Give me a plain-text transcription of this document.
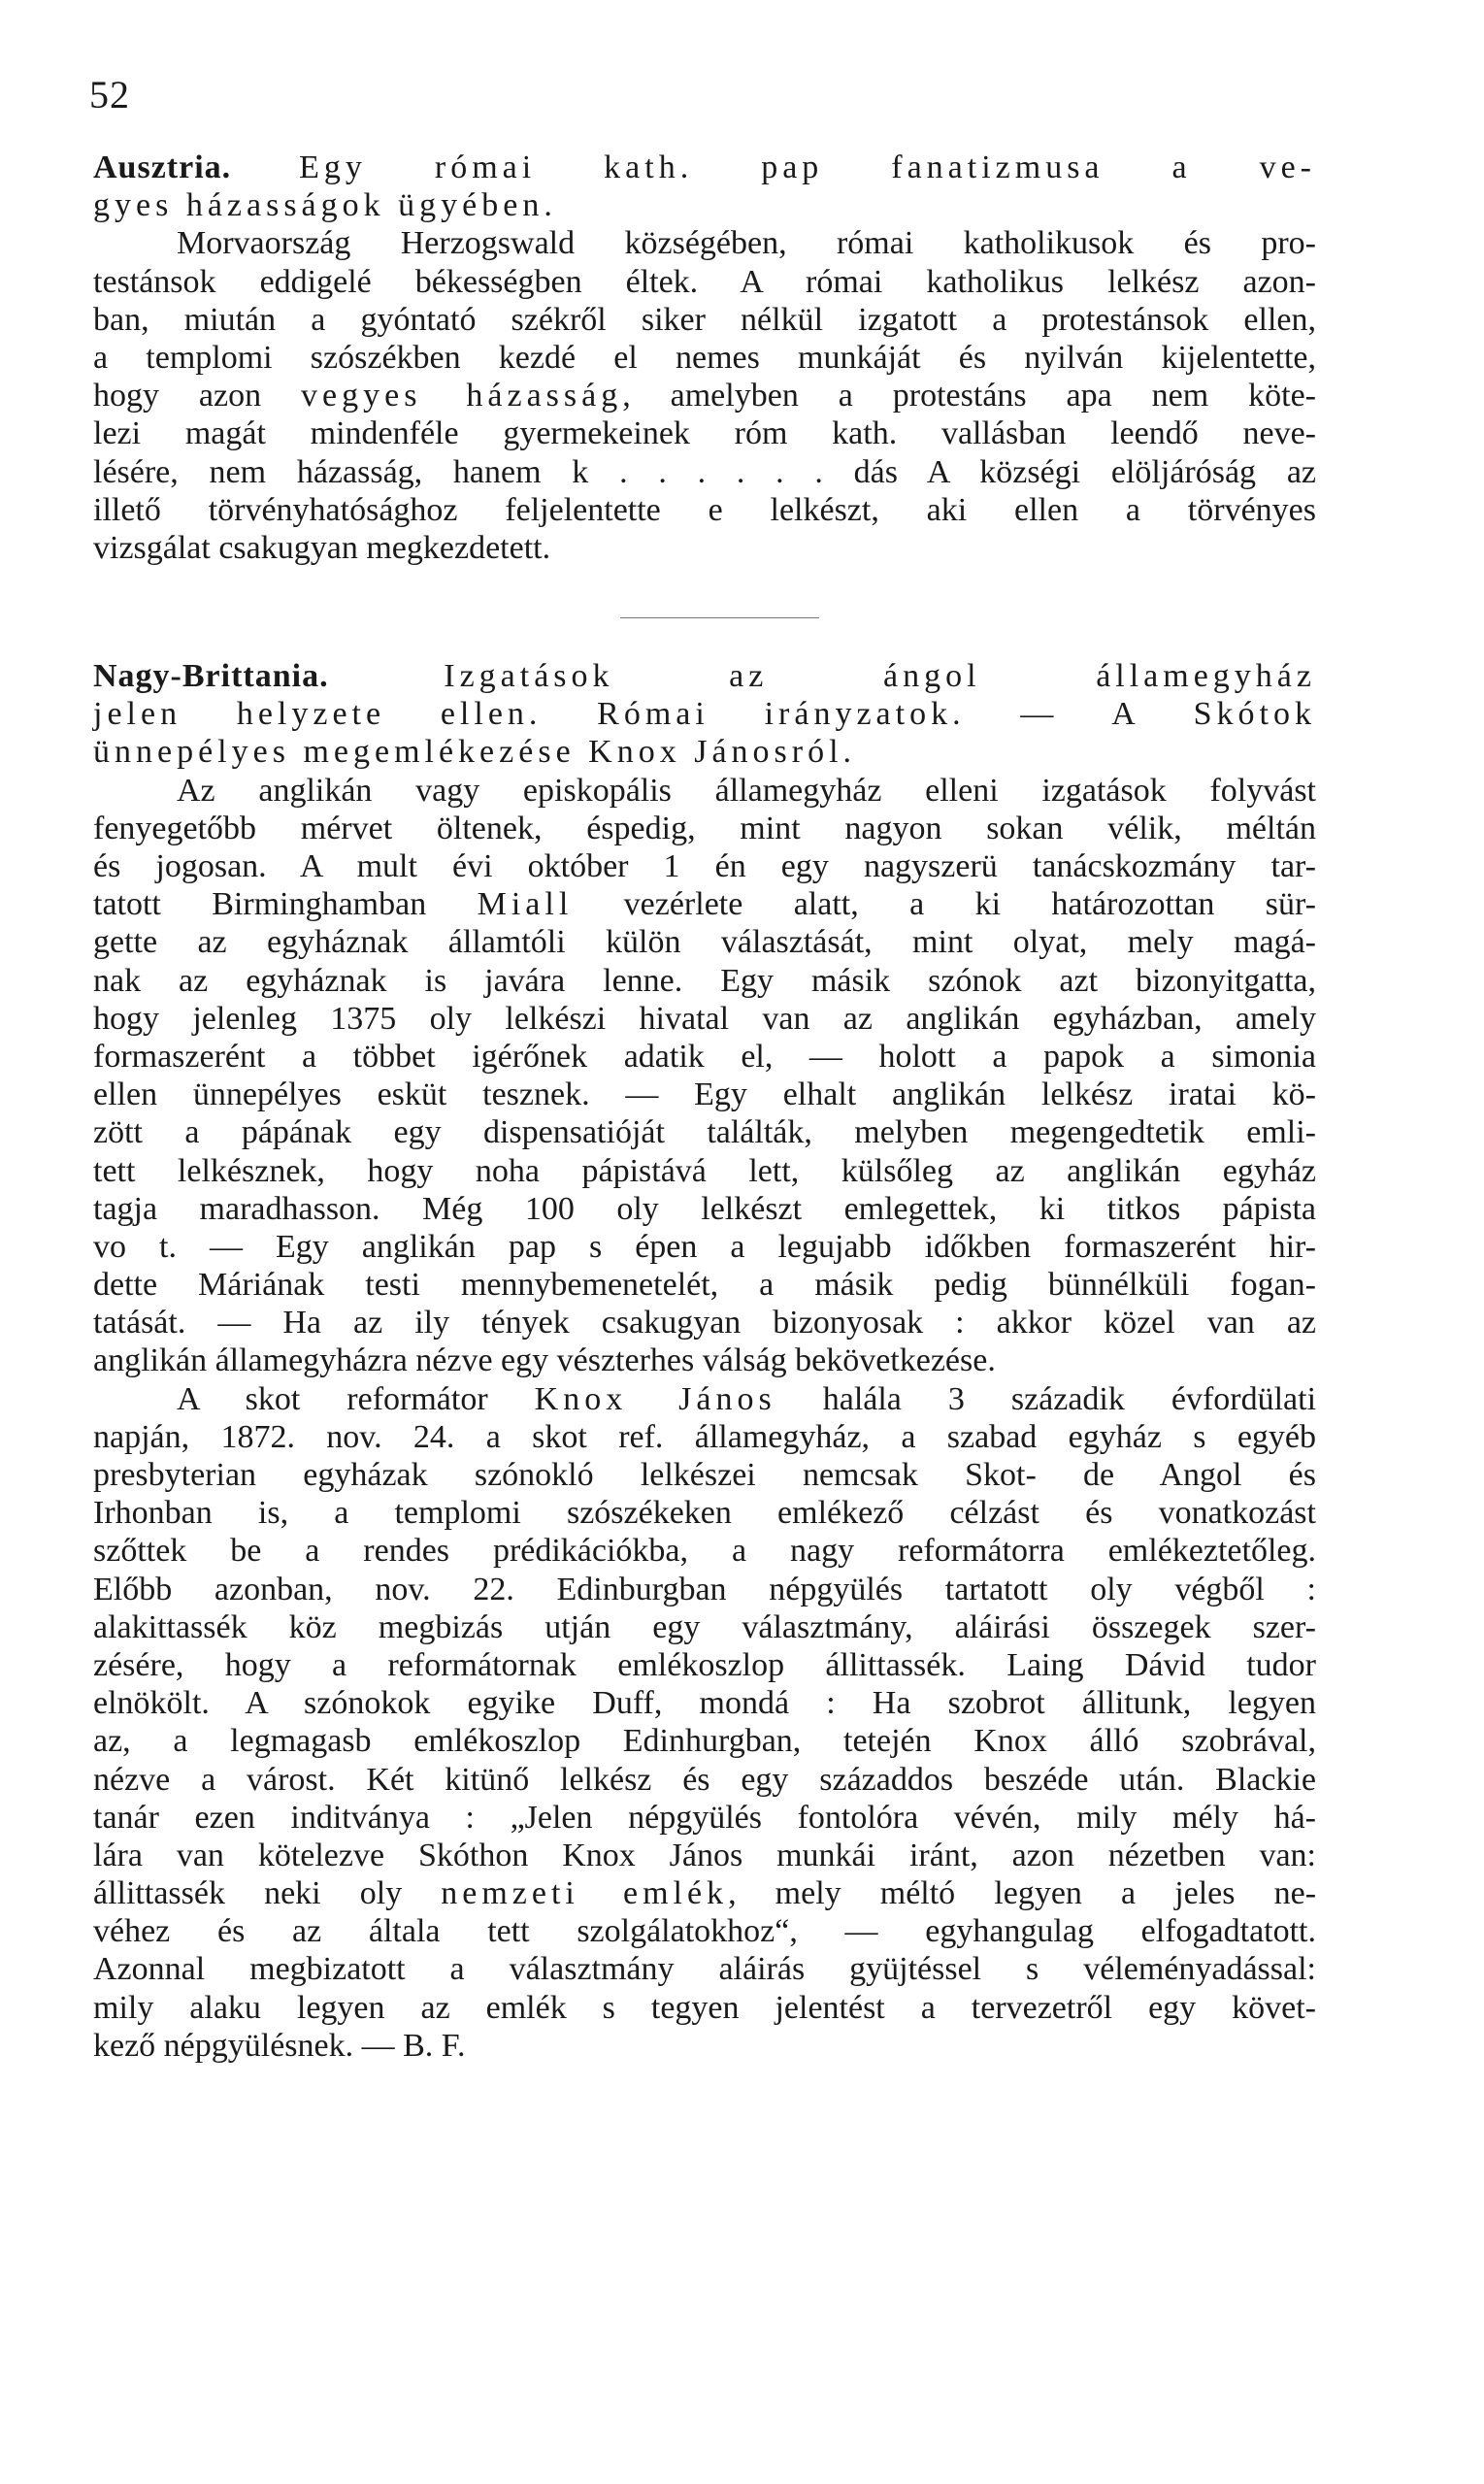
52
Ausztria. Egy római kath. pap fanatizmusa a ve-
gyes házasságok ügyében.
Morvaország Herzogswald községében, római katholikusok és pro-
testánsok eddigelé békességben éltek. A római katholikus lelkész azon-
ban, miután a gyóntató székről siker nélkül izgatott a protestánsok ellen,
a templomi szószékben kezdé el nemes munkáját és nyilván kijelentette,
hogy azon vegyes házasság, amelyben a protestáns apa nem köte-
lezi magát mindenféle gyermekeinek róm kath. vallásban leendő neve-
lésére, nem házasság, hanem k . . . . . . dás A községi elöljáróság az
illető törvényhatósághoz feljelentette e lelkészt, aki ellen a törvényes
vizsgálat csakugyan megkezdetett.
Nagy-Brittania. Izgatások az ángol államegyház
jelen helyzete ellen. Római irányzatok. — A Skótok
ünnepélyes megemlékezése Knox Jánosról.
Az anglikán vagy episkopális államegyház elleni izgatások folyvást
fenyegetőbb mérvet öltenek, éspedig, mint nagyon sokan vélik, méltán
és jogosan. A mult évi október 1 én egy nagyszerü tanácskozmány tar-
tatott Birminghamban Miall vezérlete alatt, a ki határozottan sür-
gette az egyháznak államtóli külön választását, mint olyat, mely magá-
nak az egyháznak is javára lenne. Egy másik szónok azt bizonyitgatta,
hogy jelenleg 1375 oly lelkészi hivatal van az anglikán egyházban, amely
formaszerént a többet igérőnek adatik el, — holott a papok a simonia
ellen ünnepélyes esküt tesznek. — Egy elhalt anglikán lelkész iratai kö-
zött a pápának egy dispensatióját találták, melyben megengedtetik emli-
tett lelkésznek, hogy noha pápistává lett, külsőleg az anglikán egyház
tagja maradhasson. Még 100 oly lelkészt emlegettek, ki titkos pápista
vo t. — Egy anglikán pap s épen a legujabb időkben formaszerént hir-
dette Máriának testi mennybemenetelét, a másik pedig bünnélküli fogan-
tatását. — Ha az ily tények csakugyan bizonyosak : akkor közel van az
anglikán államegyházra nézve egy vészterhes válság bekövetkezése.
A skot reformátor Knox János halála 3 századik évfordülati
napján, 1872. nov. 24. a skot ref. államegyház, a szabad egyház s egyéb
presbyterian egyházak szónokló lelkészei nemcsak Skot- de Angol és
Irhonban is, a templomi szószékeken emlékező célzást és vonatkozást
szőttek be a rendes prédikációkba, a nagy reformátorra emlékeztetőleg.
Előbb azonban, nov. 22. Edinburgban népgyülés tartatott oly végből :
alakittassék köz megbizás utján egy választmány, aláirási összegek szer-
zésére, hogy a reformátornak emlékoszlop állittassék. Laing Dávid tudor
elnökölt. A szónokok egyike Duff, mondá : Ha szobrot állitunk, legyen
az, a legmagasb emlékoszlop Edinhurgban, tetején Knox álló szobrával,
nézve a várost. Két kitünő lelkész és egy századdos beszéde után. Blackie
tanár ezen inditványa : „Jelen népgyülés fontolóra vévén, mily mély há-
lára van kötelezve Skóthon Knox János munkái iránt, azon nézetben van:
állittassék neki oly nemzeti emlék, mely méltó legyen a jeles ne-
véhez és az általa tett szolgálatokhoz“, — egyhangulag elfogadtatott.
Azonnal megbizatott a választmány aláirás gyüjtéssel s véleményadással:
mily alaku legyen az emlék s tegyen jelentést a tervezetről egy követ-
kező népgyülésnek. — B. F.
